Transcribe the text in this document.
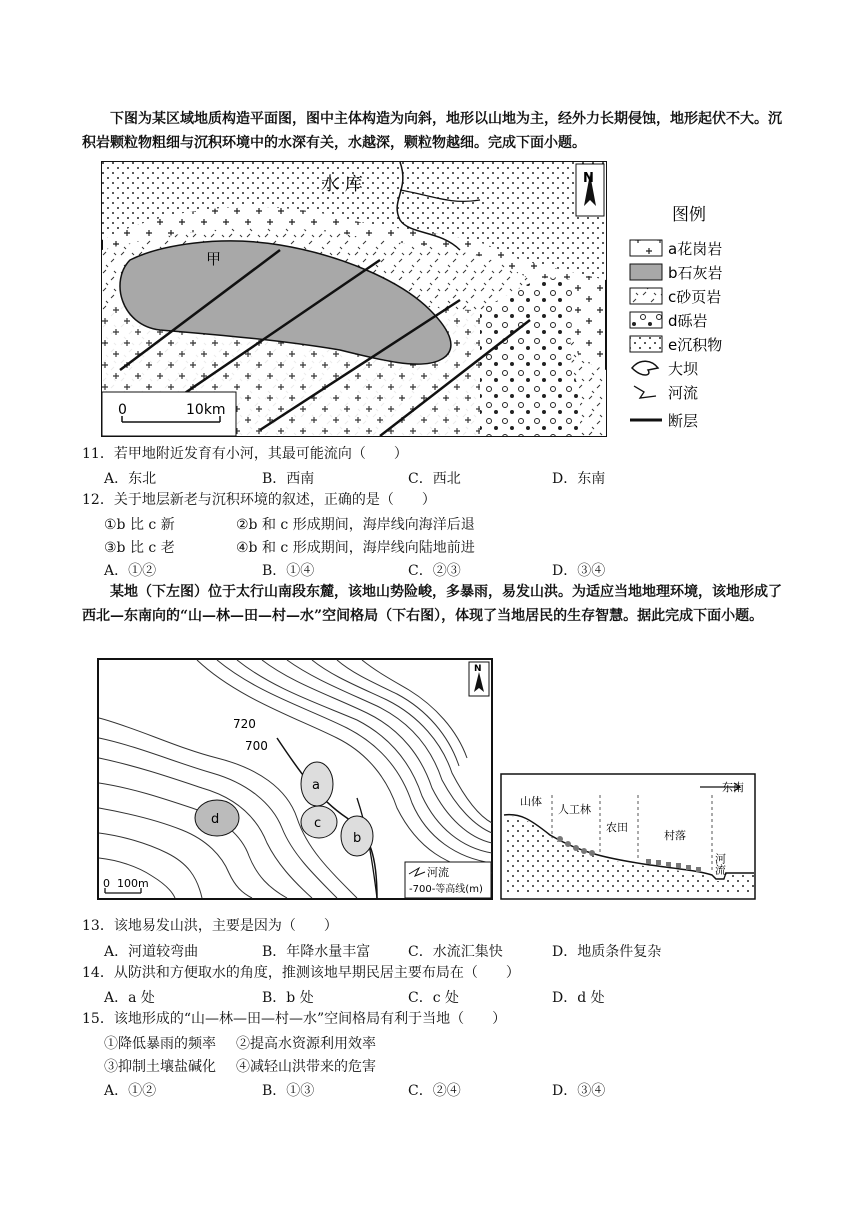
下图为某区域地质构造平面图，图中主体构造为向斜，地形以山地为主，经外力长期侵蚀，地形起伏不大。沉积岩颗粒物粗细与沉积环境中的水深有关，水越深，颗粒物越细。完成下面小题。
水 库
甲
N
0	10km
图例
a花岗岩
b石灰岩
c砂页岩
d砾岩
e沉积物
大坝
河流
断层
11．若甲地附近发育有小河，其最可能流向（　　）
A．东北	B．西南	C．西北	D．东南
12．关于地层新老与沉积环境的叙述，正确的是（　　）
①b 比 c 新	②b 和 c 形成期间，海岸线向海洋后退
③b 比 c 老	④b 和 c 形成期间，海岸线向陆地前进
A．①②	B．①④	C．②③	D．③④
某地（下左图）位于太行山南段东麓，该地山势险峻，多暴雨，易发山洪。为适应当地地理环境，该地形成了西北—东南向的“山—林—田—村—水”空间格局（下右图），体现了当地居民的生存智慧。据此完成下面小题。
720
700
a
b
c
d
N
0 100m
河流
-700-等高线(m)
东南
山体
人工林
农田
村落
河流
13．该地易发山洪，主要是因为（　　）
A．河道较弯曲	B．年降水量丰富	C．水流汇集快	D．地质条件复杂
14．从防洪和方便取水的角度，推测该地早期民居主要布局在（　　）
A．a 处	B．b 处	C．c 处	D．d 处
15．该地形成的“山—林—田—村—水”空间格局有利于当地（　　）
①降低暴雨的频率 ②提高水资源利用效率
③抑制土壤盐碱化 ④减轻山洪带来的危害
A．①②	B．①③	C．②④	D．③④
